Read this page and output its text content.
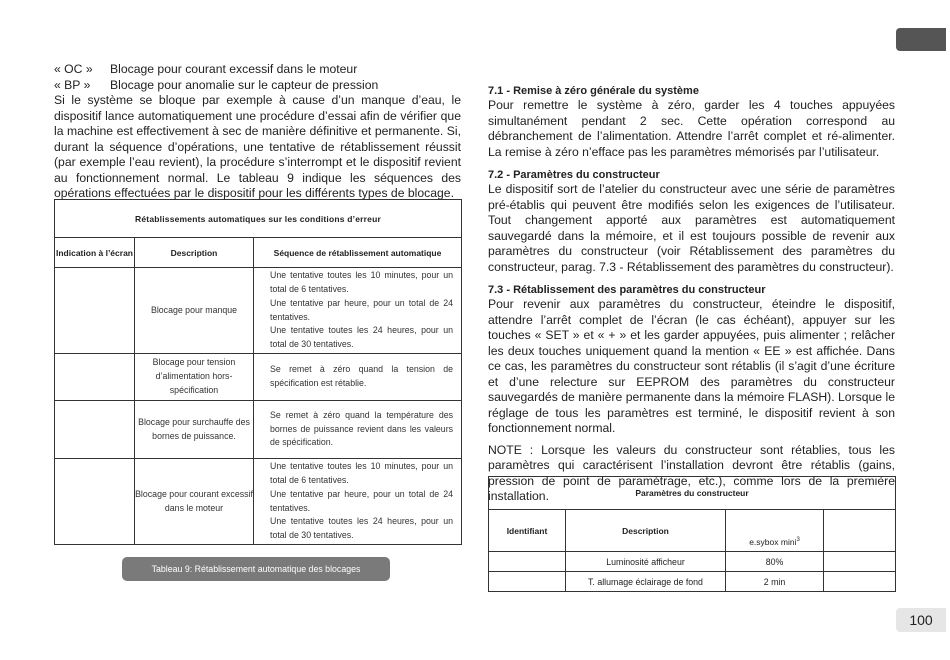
100
« OC » Blocage pour courant excessif dans le moteur
« BP » Blocage pour anomalie sur le capteur de pression

Si le système se bloque par exemple à cause d’un manque d’eau, le dispositif lance automatiquement une procédure d’essai afin de vérifier que la machine est effectivement à sec de manière définitive et permanente. Si, durant la séquence d’opérations, une tentative de rétablissement réussit (par exemple l’eau revient), la procédure s’interrompt et le dispositif revient au fonctionnement normal. Le tableau 9 indique les séquences des opérations effectuées par le dispositif pour les différents types de blocage.

Rétablissements automatiques sur les conditions d’erreur		
Indication à l’écran	Description	Séquence de rétablissement automatique
	Blocage pour manque	Une tentative toutes les 10 minutes, pour un total de 6 tentatives.
Une tentative par heure, pour un total de 24 tentatives.
Une tentative toutes les 24 heures, pour un total de 30 tentatives.

	Blocage pour tension d’alimentation hors-spécification	Se remet à zéro quand la tension de spécification est rétablie.

	Blocage pour surchauffe des bornes de puissance.	Se remet à zéro quand la température des bornes de puissance revient dans les valeurs de spécification.

	Blocage pour courant excessif dans le moteur	Une tentative toutes les 10 minutes, pour un total de 6 tentatives.
Une tentative par heure, pour un total de 24 tentatives.
Une tentative toutes les 24 heures, pour un total de 30 tentatives.
Tableau 9: Rétablissement automatique des blocages

7.1 - Remise à zéro générale du système

Pour remettre le système à zéro, garder les 4 touches appuyées simultanément pendant 2 sec. Cette opération correspond au débranchement de l’alimentation. Attendre l’arrêt complet et ré-alimenter. La remise à zéro n’efface pas les paramètres mémorisés par l’utilisateur.

7.2 - Paramètres du constructeur

Le dispositif sort de l’atelier du constructeur avec une série de paramètres pré-établis qui peuvent être modifiés selon les exigences de l’utilisateur. Tout changement apporté aux paramètres est automatiquement sauvegardé dans la mémoire, et il est toujours possible de revenir aux paramètres du constructeur (voir Rétablissement des paramètres du constructeur, parag. 7.3 - Rétablissement des paramètres du constructeur).

7.3 - Rétablissement des paramètres du constructeur

Pour revenir aux paramètres du constructeur, éteindre le dispositif, attendre l’arrêt complet de l’écran (le cas échéant), appuyer sur les touches « SET » et « + » et les garder appuyées, puis alimenter ; relâcher les deux touches uniquement quand la mention « EE » est affichée. Dans ce cas, les paramètres du constructeur sont rétablis (il s’agit d’une écriture et d’une relecture sur EEPROM des paramètres du constructeur sauvegardés de manière permanente dans la mémoire FLASH). Lorsque le réglage de tous les paramètres est terminé, le dispositif revient à son fonctionnement normal.

NOTE : Lorsque les valeurs du constructeur sont rétablies, tous les paramètres qui caractérisent l’installation devront être rétablis (gains, pression de point de paramétrage, etc.), comme lors de la première installation.	Paramètres du constructeur			
Identifiant	Description	e.sybox mini$^3$	
	Luminosité afficheur	80%	
	T. allumage éclairage de fond	2 min	
